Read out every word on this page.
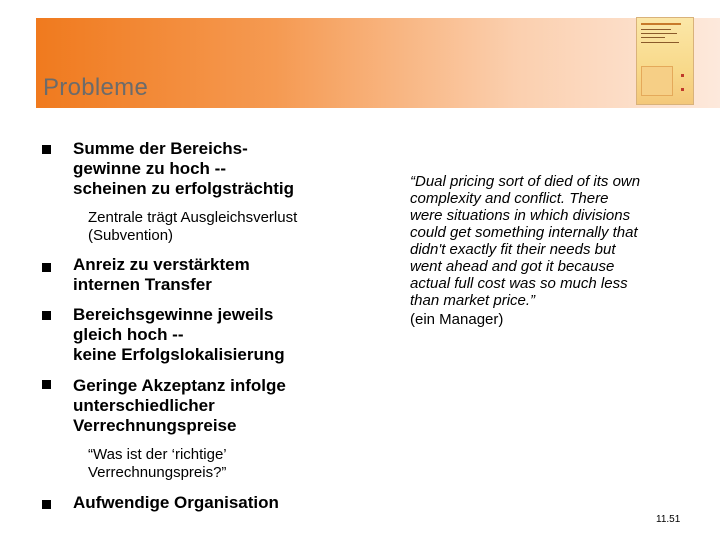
Probleme
Summe der Bereichs-
gewinne zu hoch --
scheinen zu erfolgsträchtig
Zentrale trägt Ausgleichsverlust
(Subvention)
Anreiz zu verstärktem
internen Transfer
Bereichsgewinne jeweils
gleich hoch --
keine Erfolgslokalisierung
Geringe Akzeptanz infolge
unterschiedlicher
Verrechnungspreise
“Was ist der ‘richtige’
Verrechnungspreis?”
Aufwendige Organisation
“Dual pricing sort of died of its own
complexity and conflict. There
were situations in which divisions
could get something internally that
didn't exactly fit their needs but
went ahead and got it because
actual full cost was so much less
than market price.”
(ein Manager)
11.51
